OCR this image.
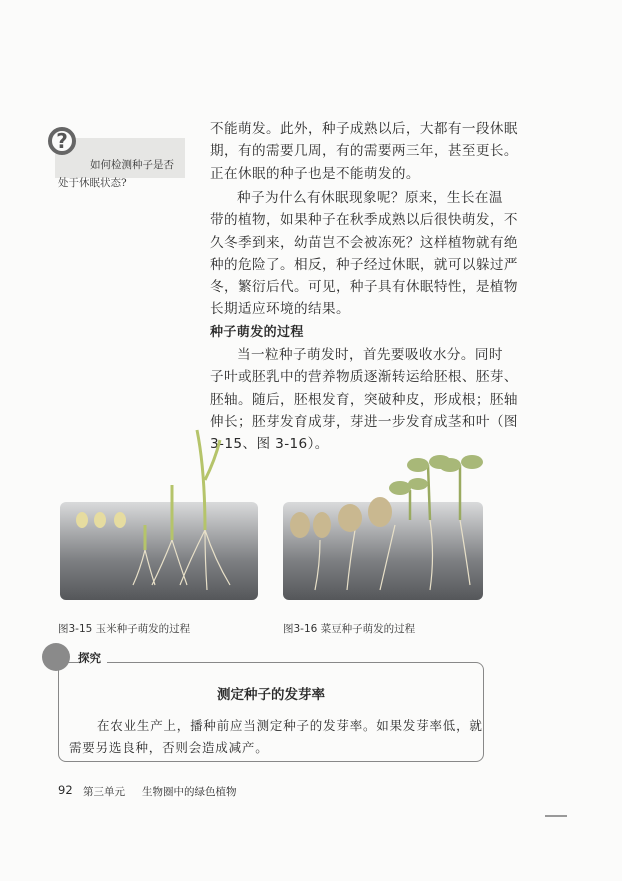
?
如何检测种子是否
处于休眠状态?
不能萌发。此外，种子成熟以后，大都有一段休眠
期，有的需要几周，有的需要两三年，甚至更长。
正在休眠的种子也是不能萌发的。
种子为什么有休眠现象呢？原来，生长在温
带的植物，如果种子在秋季成熟以后很快萌发，不
久冬季到来，幼苗岂不会被冻死？这样植物就有绝
种的危险了。相反，种子经过休眠，就可以躲过严
冬，繁衍后代。可见，种子具有休眠特性，是植物
长期适应环境的结果。
种子萌发的过程
当一粒种子萌发时，首先要吸收水分。同时
子叶或胚乳中的营养物质逐渐转运给胚根、胚芽、
胚轴。随后，胚根发育，突破种皮，形成根；胚轴
伸长；胚芽发育成芽，芽进一步发育成茎和叶（图
3-15、图 3-16）。
图3-15 玉米种子萌发的过程	图3-16 菜豆种子萌发的过程
测定种子的发芽率
在农业生产上，播种前应当测定种子的发芽率。如果发芽率低，就
需要另选良种，否则会造成减产。
探究
92 第三单元 生物圈中的绿色植物
